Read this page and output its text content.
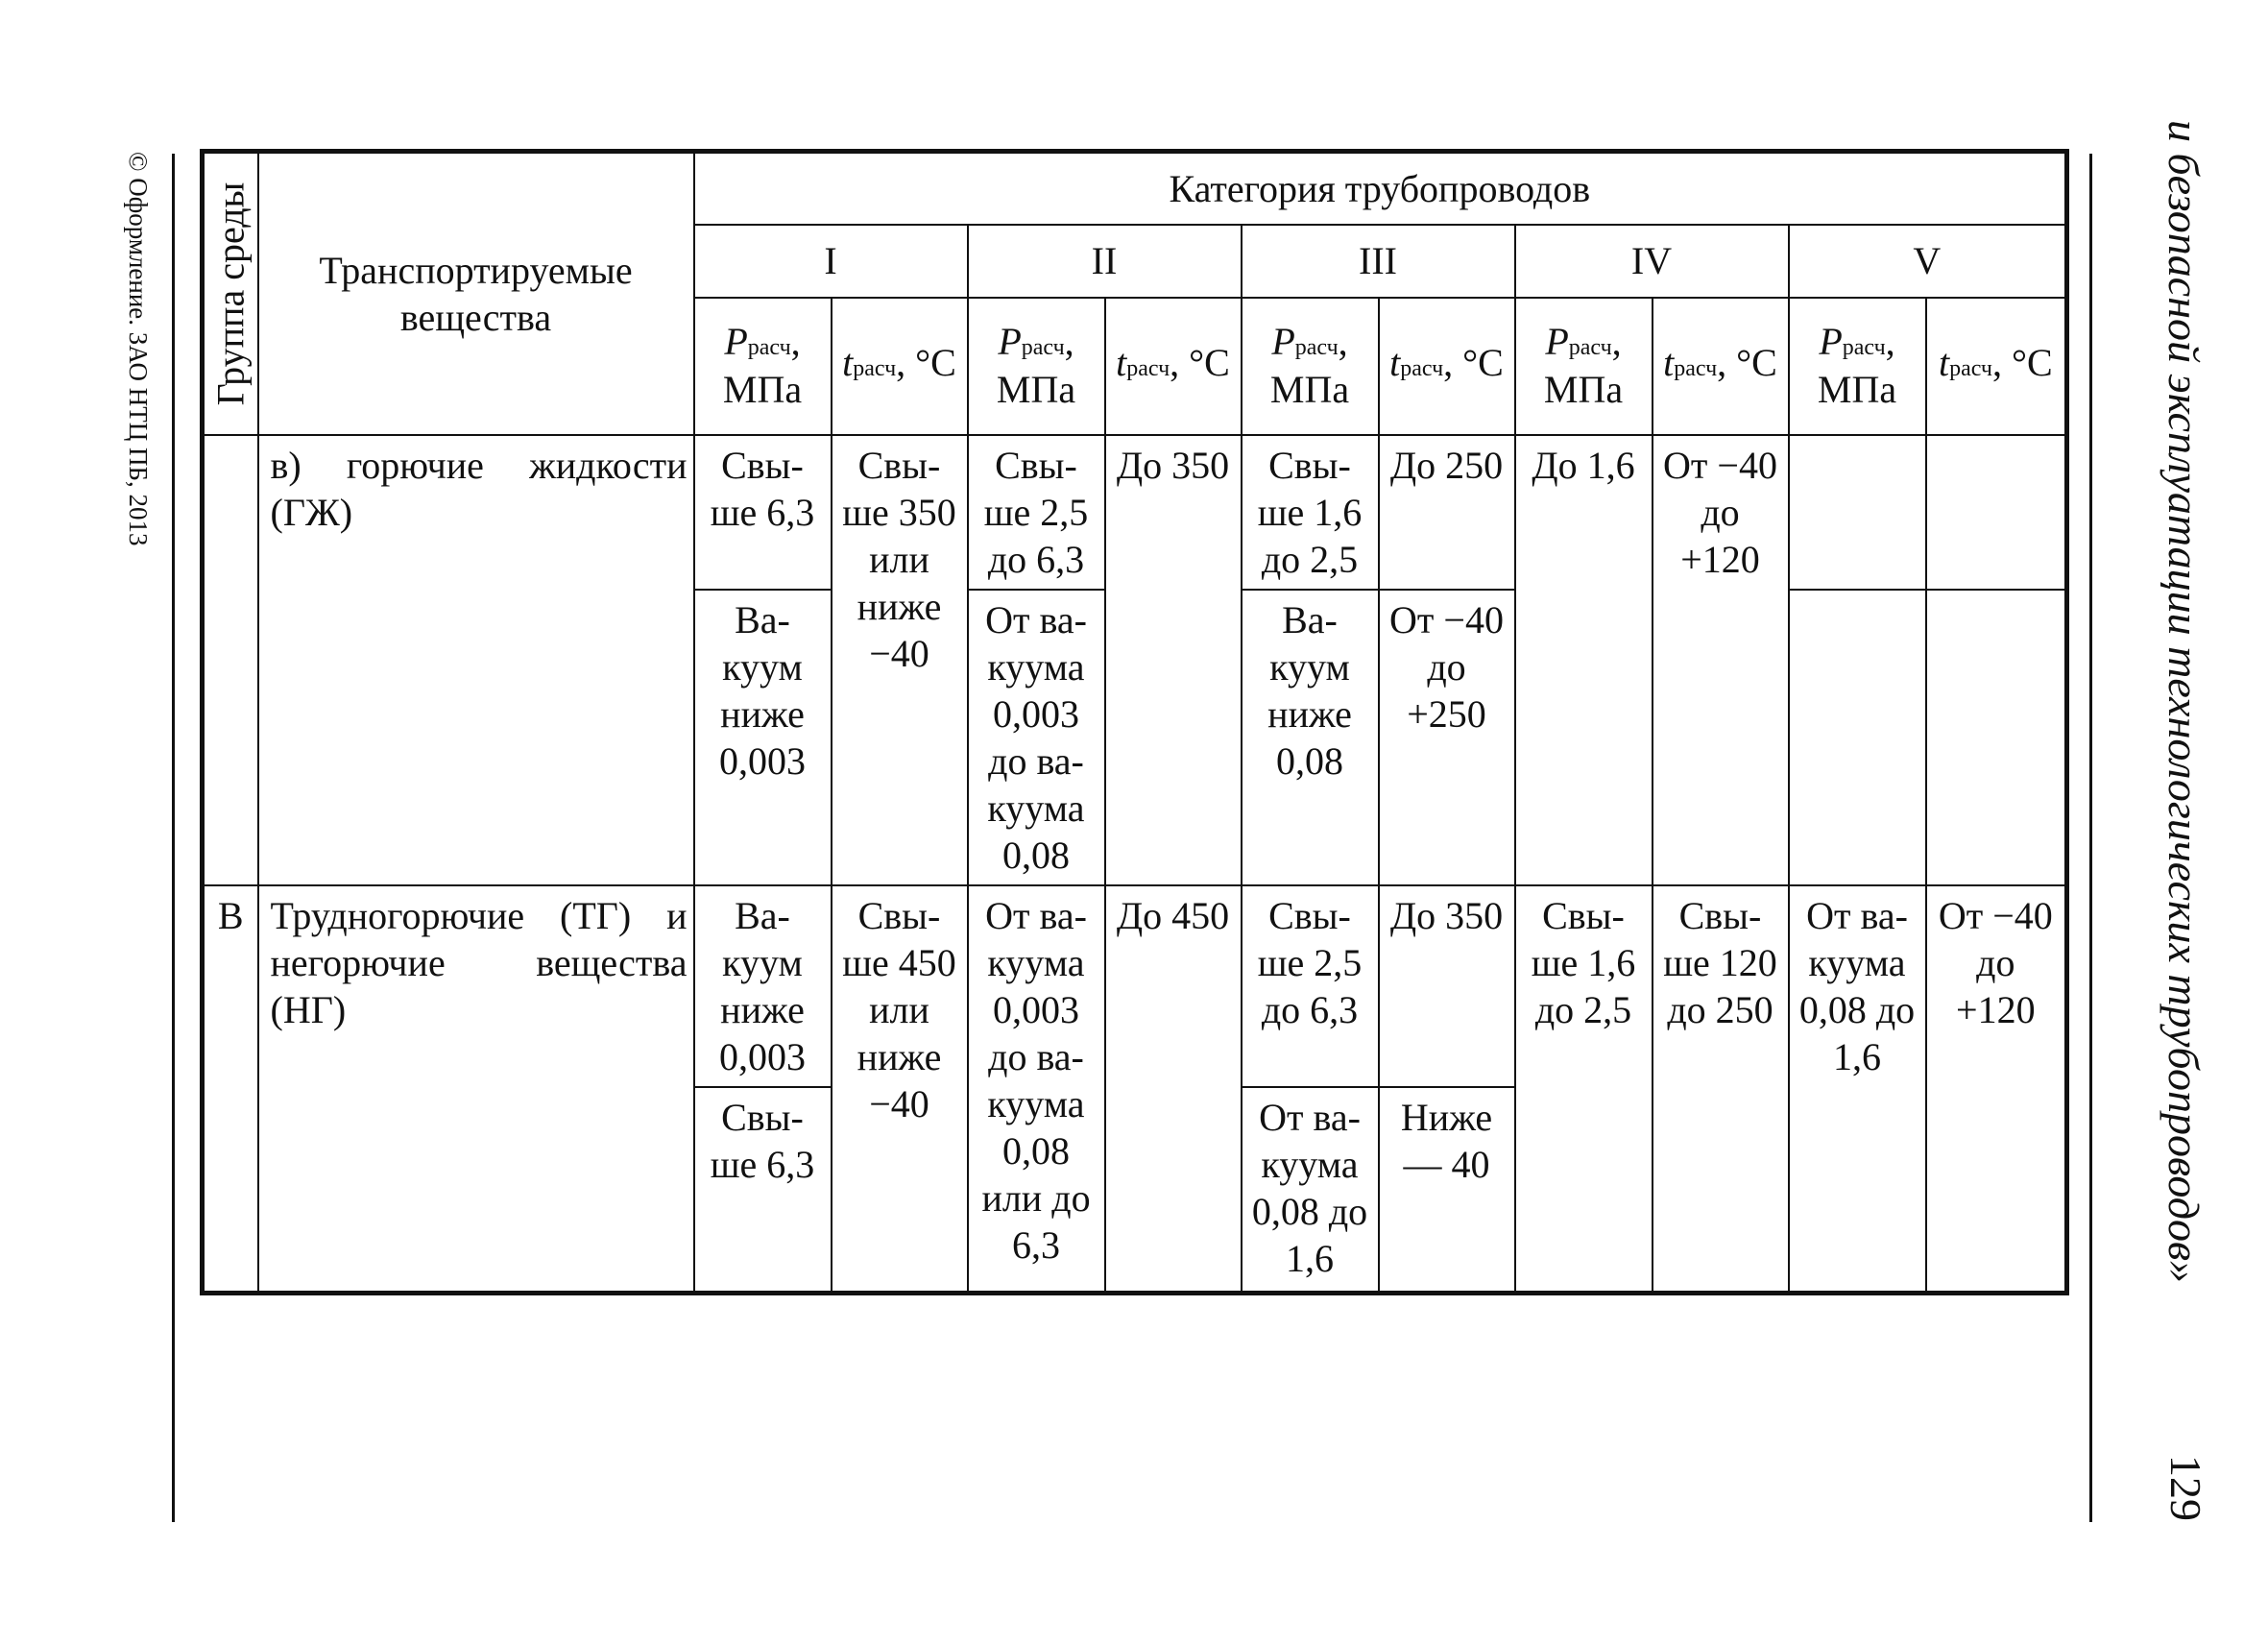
© Оформление. ЗАО НТЦ ПБ, 2013	и безопасной эксплуатации технологических трубопроводов»
129
Группа среды	Транспортируемые вещества	Категория трубопроводов									
		I		II		III		IV		V	
		Pрасч, МПа	tрасч, °С	Pрасч, МПа	tрасч, °С	Pрасч, МПа	tрасч, °С	Pрасч, МПа	tрасч, °С	Pрасч, МПа	tрасч, °С
	в) горючие жидкости (ГЖ)	Свы-ше 6,3	Свы-ше 350 или ниже −40	Свы-ше 2,5 до 6,3	До 350	Свы-ше 1,6 до 2,5	До 250	До 1,6	От −40 до +120		
		Ва-куум ниже 0,003		От ва-куума 0,003 до ва-куума 0,08		Ва-куум ниже 0,08	От −40 до +250				
В	Трудногорючие (ТГ) и негорючие вещества (НГ)	Ва-куум ниже 0,003	Свы-ше 450 или ниже −40	От ва-куума 0,003 до ва-куума 0,08 или до 6,3	До 450	Свы-ше 2,5 до 6,3	До 350	Свы-ше 1,6 до 2,5	Свы-ше 120 до 250	От ва-куума 0,08 до 1,6	От −40 до +120
		Свы-ше 6,3				От ва-куума 0,08 до 1,6	Ниже — 40				
